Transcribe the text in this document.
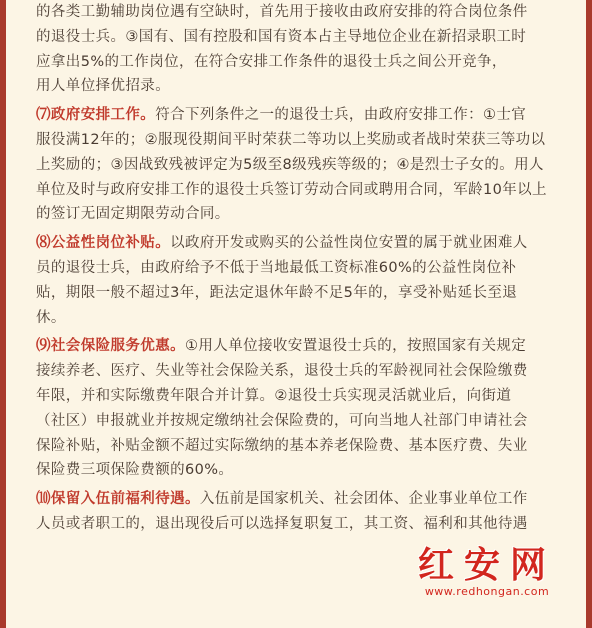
的各类工勤辅助岗位遇有空缺时，首先用于接收由政府安排的符合岗位条件
的退役士兵。③国有、国有控股和国有资本占主导地位企业在新招录职工时
应拿出5%的工作岗位，在符合安排工作条件的退役士兵之间公开竞争，
用人单位择优招录。

⑺政府安排工作。符合下列条件之一的退役士兵，由政府安排工作：①士官
服役满12年的；②服现役期间平时荣获二等功以上奖励或者战时荣获三等功以
上奖励的；③因战致残被评定为5级至8级残疾等级的；④是烈士子女的。用人
单位及时与政府安排工作的退役士兵签订劳动合同或聘用合同，军龄10年以上
的签订无固定期限劳动合同。

⑻公益性岗位补贴。以政府开发或购买的公益性岗位安置的属于就业困难人
员的退役士兵，由政府给予不低于当地最低工资标准60%的公益性岗位补
贴，期限一般不超过3年，距法定退休年龄不足5年的，享受补贴延长至退
休。

⑼社会保险服务优惠。①用人单位接收安置退役士兵的，按照国家有关规定
接续养老、医疗、失业等社会保险关系，退役士兵的军龄视同社会保险缴费
年限，并和实际缴费年限合并计算。②退役士兵实现灵活就业后，向街道
（社区）申报就业并按规定缴纳社会保险费的，可向当地人社部门申请社会
保险补贴，补贴金额不超过实际缴纳的基本养老保险费、基本医疗费、失业
保险费三项保险费额的60%。

⑽保留入伍前福利待遇。入伍前是国家机关、社会团体、企业事业单位工作
人员或者职工的，退出现役后可以选择复职复工，其工资、福利和其他待遇

红安网
www.redhongan.com
